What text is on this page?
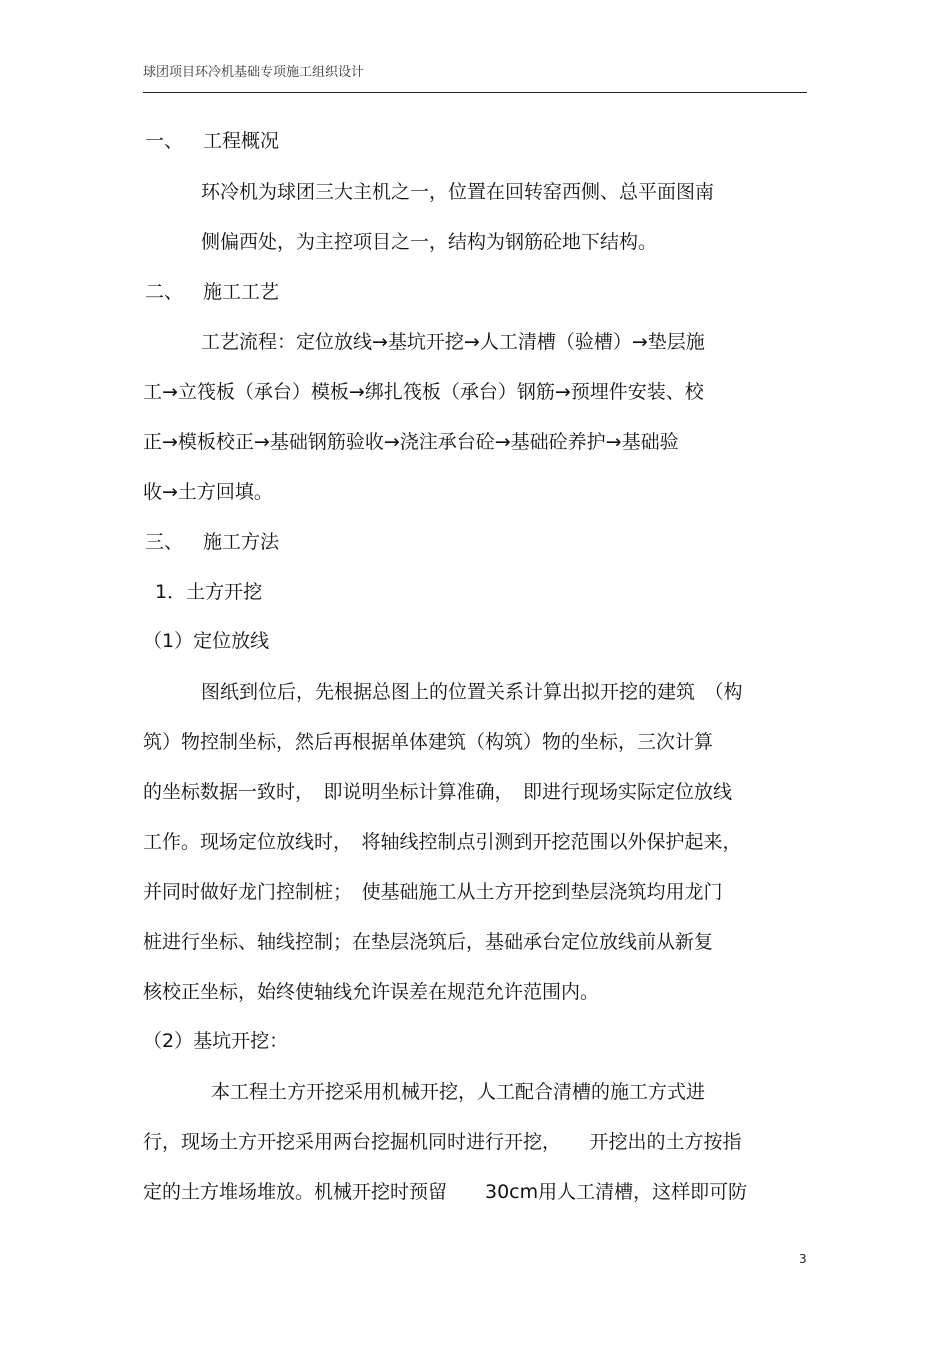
球团项目环冷机基础专项施工组织设计
一、 工程概况
环冷机为球团三大主机之一，位置在回转窑西侧、总平面图南
侧偏西处，为主控项目之一，结构为钢筋砼地下结构。
二、 施工工艺
工艺流程：定位放线→基坑开挖→人工清槽（验槽）→垫层施
工→立筏板（承台）模板→绑扎筏板（承台）钢筋→预埋件安装、校
正→模板校正→基础钢筋验收→浇注承台砼→基础砼养护→基础验
收→土方回填。
三、 施工方法
1．土方开挖
（1）定位放线
图纸到位后，先根据总图上的位置关系计算出拟开挖的建筑　（构
筑）物控制坐标，然后再根据单体建筑（构筑）物的坐标，三次计算
的坐标数据一致时，　即说明坐标计算准确，　即进行现场实际定位放线
工作。现场定位放线时，　将轴线控制点引测到开挖范围以外保护起来，
并同时做好龙门控制桩；　使基础施工从土方开挖到垫层浇筑均用龙门
桩进行坐标、轴线控制；在垫层浇筑后，基础承台定位放线前从新复
核校正坐标，始终使轴线允许误差在规范允许范围内。
（2）基坑开挖：
本工程土方开挖采用机械开挖，人工配合清槽的施工方式进
行，现场土方开挖采用两台挖掘机同时进行开挖，　　开挖出的土方按指
定的土方堆场堆放。机械开挖时预留　　30cm用人工清槽，这样即可防
3
